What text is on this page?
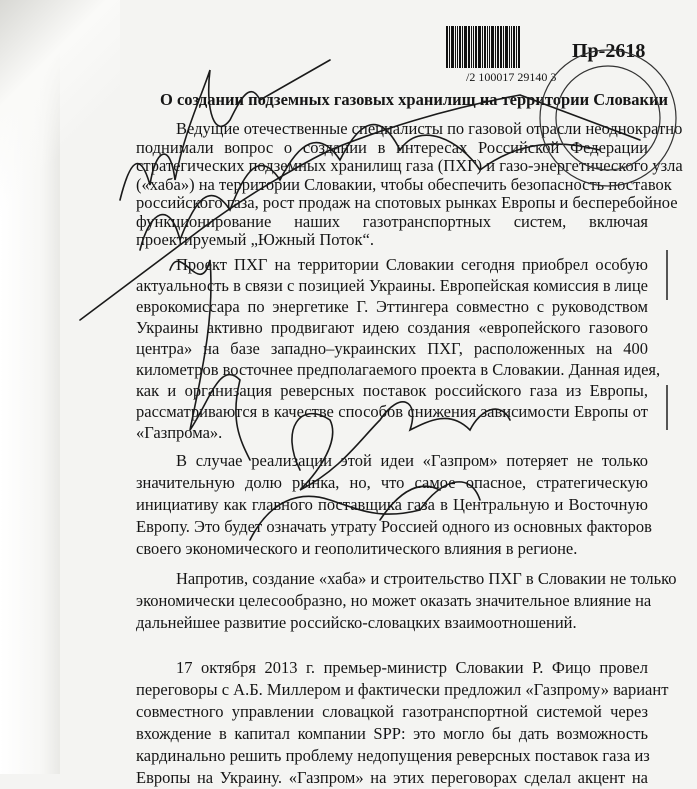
/2 100017 29140 3
Пр-2618
О создании подземных газовых хранилищ на территории Словакии
Ведущие отечественные специалисты по газовой отрасли неоднократно
поднимали вопрос о создании в интересах Российской Федерации
стратегических подземных хранилищ газа (ПХГ) и газо-энергетического узла
(«хаба») на территории Словакии, чтобы обеспечить безопасность поставок
российского газа, рост продаж на спотовых рынках Европы и бесперебойное
функционирование наших газотранспортных систем, включая
проектируемый „Южный Поток“.
Проект ПХГ на территории Словакии сегодня приобрел особую
актуальность в связи с позицией Украины. Европейская комиссия в лице
еврокомиссара по энергетике Г. Эттингера совместно с руководством
Украины активно продвигают идею создания «европейского газового
центра» на базе западно–украинских ПХГ, расположенных на 400
километров восточнее предполагаемого проекта в Словакии. Данная идея,
как и организация реверсных поставок российского газа из Европы,
рассматриваются в качестве способов снижения зависимости Европы от
«Газпрома».
В случае реализации этой идеи «Газпром» потеряет не только
значительную долю рынка, но, что самое опасное, стратегическую
инициативу как главного поставщика газа в Центральную и Восточную
Европу. Это будет означать утрату Россией одного из основных факторов
своего экономического и геополитического влияния в регионе.
Напротив, создание «хаба» и строительство ПХГ в Словакии не только
экономически целесообразно, но может оказать значительное влияние на
дальнейшее развитие российско-словацких взаимоотношений.
17 октября 2013 г. премьер-министр Словакии Р. Фицо провел
переговоры с А.Б. Миллером и фактически предложил «Газпрому» вариант
совместного управлении словацкой газотранспортной системой через
вхождение в капитал компании SPP: это могло бы дать возможность
кардинально решить проблему недопущения реверсных поставок газа из
Европы на Украину. «Газпром» на этих переговорах сделал акцент на
